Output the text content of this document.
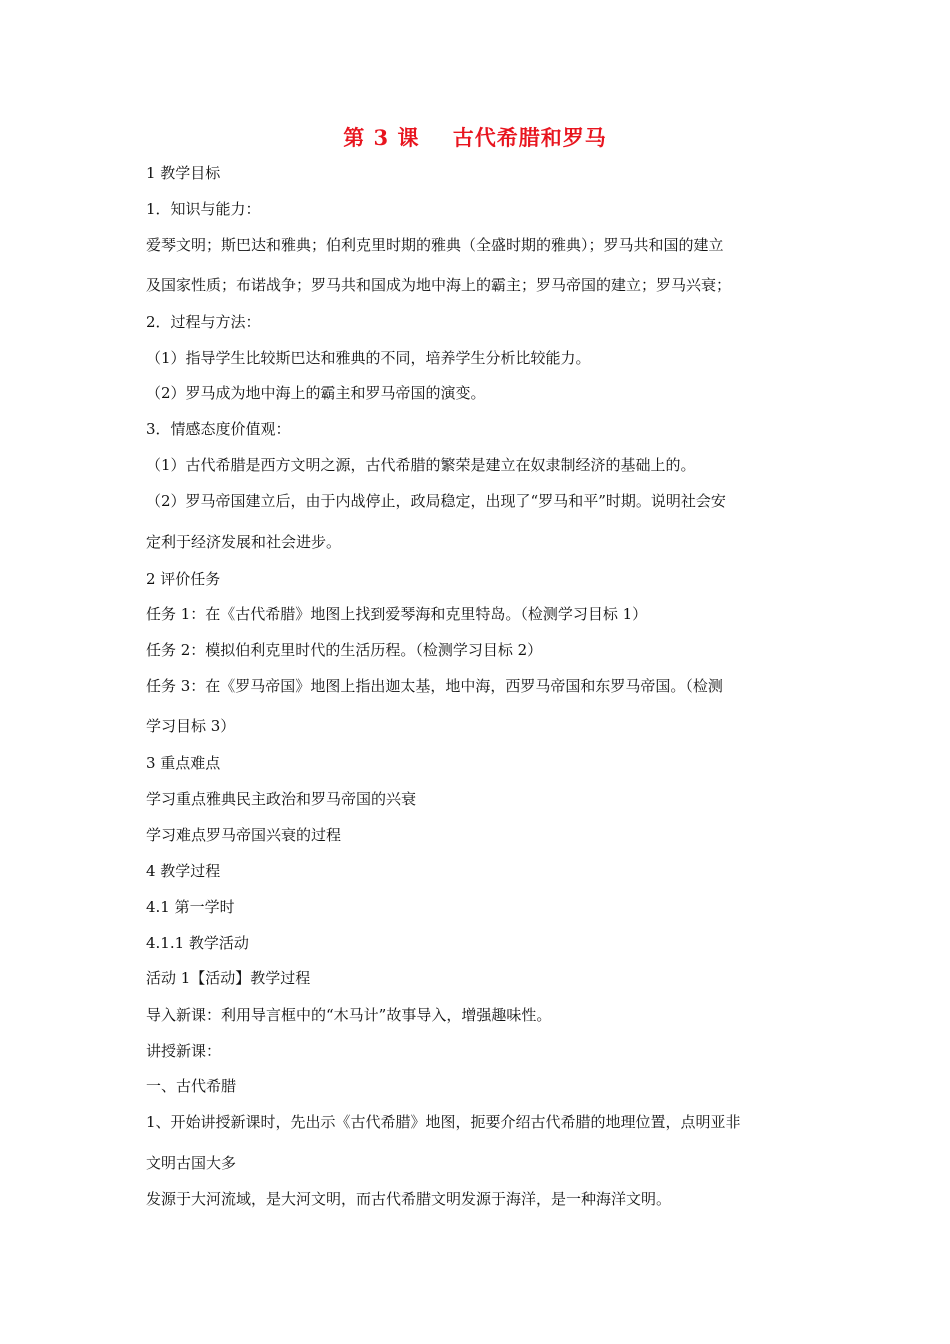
第 3 课    古代希腊和罗马
1 教学目标
1．知识与能力：
爱琴文明；斯巴达和雅典；伯利克里时期的雅典（全盛时期的雅典）；罗马共和国的建立
及国家性质；布诺战争；罗马共和国成为地中海上的霸主；罗马帝国的建立；罗马兴衰；
2．过程与方法：
（1）指导学生比较斯巴达和雅典的不同，培养学生分析比较能力。
（2）罗马成为地中海上的霸主和罗马帝国的演变。
3．情感态度价值观：
（1）古代希腊是西方文明之源，古代希腊的繁荣是建立在奴隶制经济的基础上的。
（2）罗马帝国建立后，由于内战停止，政局稳定，出现了“罗马和平”时期。说明社会安
定利于经济发展和社会进步。
2 评价任务
任务 1：在《古代希腊》地图上找到爱琴海和克里特岛。（检测学习目标 1）
任务 2：模拟伯利克里时代的生活历程。（检测学习目标 2）
任务 3：在《罗马帝国》地图上指出迦太基，地中海，西罗马帝国和东罗马帝国。（检测
学习目标 3）
3 重点难点
学习重点雅典民主政治和罗马帝国的兴衰
学习难点罗马帝国兴衰的过程
4 教学过程
4.1 第一学时
4.1.1 教学活动
活动 1【活动】教学过程
导入新课：利用导言框中的“木马计”故事导入，增强趣味性。
讲授新课：
一、古代希腊
1、开始讲授新课时，先出示《古代希腊》地图，扼要介绍古代希腊的地理位置，点明亚非
文明古国大多
发源于大河流域，是大河文明，而古代希腊文明发源于海洋，是一种海洋文明。
